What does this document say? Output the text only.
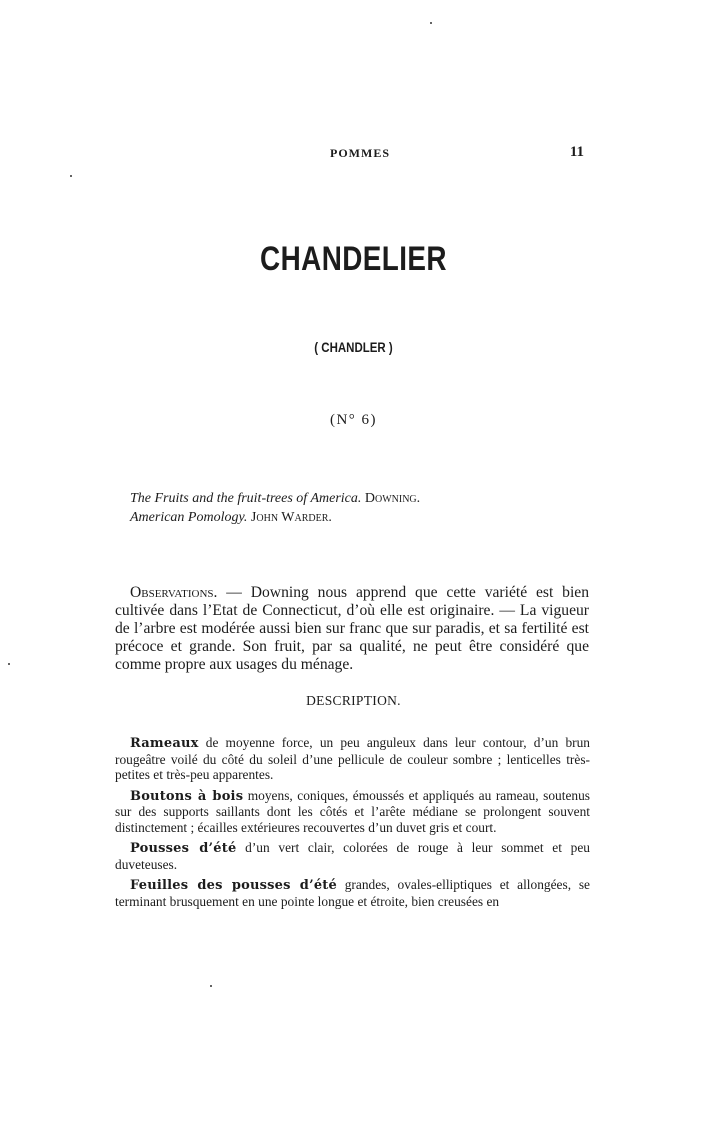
POMMES	11
CHANDELIER
( CHANDLER )
(N° 6)
The Fruits and the fruit-trees of America. Downing.
American Pomology. John Warder.

Observations. — Downing nous apprend que cette variété est bien cultivée dans l’Etat de Connecticut, d’où elle est originaire. — La vigueur de l’arbre est modérée aussi bien sur franc que sur paradis, et sa fertilité est précoce et grande. Son fruit, par sa qualité, ne peut être considéré que comme propre aux usages du ménage.

DESCRIPTION.

Rameaux de moyenne force, un peu anguleux dans leur contour, d’un brun rougeâtre voilé du côté du soleil d’une pellicule de couleur sombre ; lenticelles très-petites et très-peu apparentes.

Boutons à bois moyens, coniques, émoussés et appliqués au rameau, soutenus sur des supports saillants dont les côtés et l’arête médiane se prolongent souvent distinctement ; écailles extérieures recouvertes d’un duvet gris et court.

Pousses d’été d’un vert clair, colorées de rouge à leur sommet et peu duveteuses.

Feuilles des pousses d’été grandes, ovales-elliptiques et allongées, se terminant brusquement en une pointe longue et étroite, bien creusées en
